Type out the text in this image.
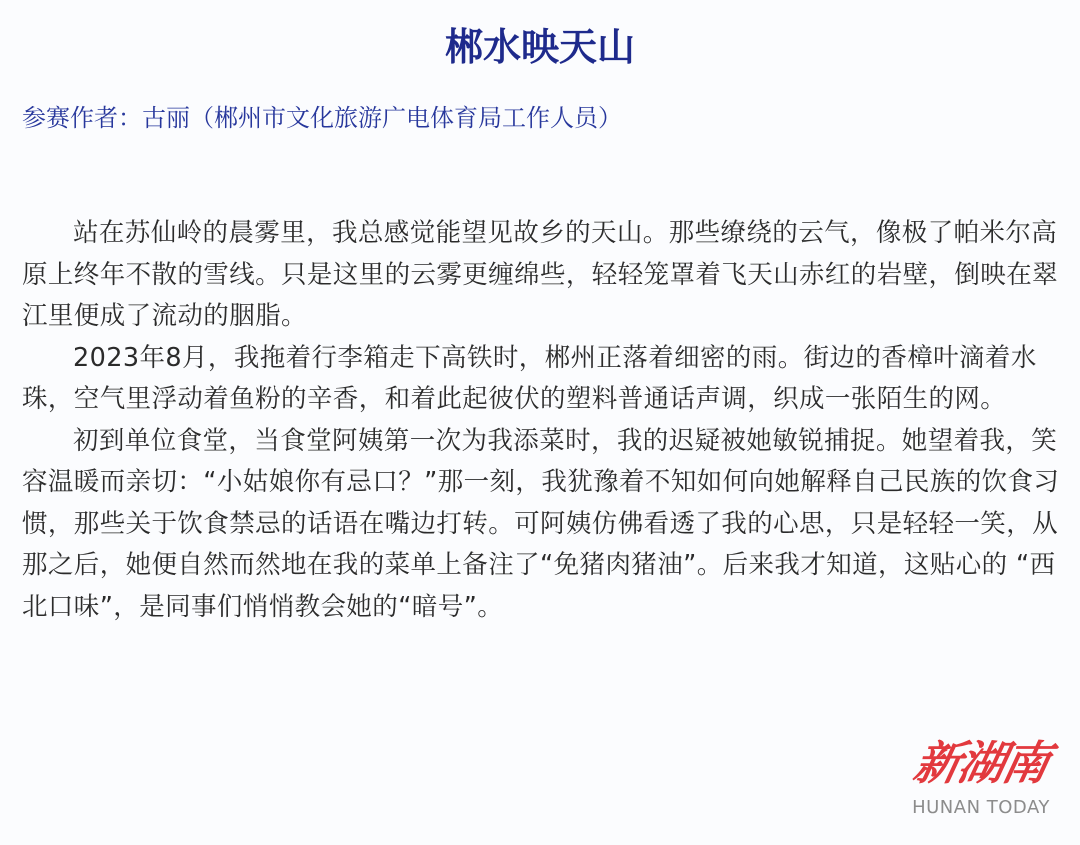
郴水映天山
参赛作者：古丽（郴州市文化旅游广电体育局工作人员）

站在苏仙岭的晨雾里，我总感觉能望见故乡的天山。那些缭绕的云气，像极了帕米尔高原上终年不散的雪线。只是这里的云雾更缠绵些，轻轻笼罩着飞天山赤红的岩壁，倒映在翠江里便成了流动的胭脂。

2023年8月，我拖着行李箱走下高铁时，郴州正落着细密的雨。街边的香樟叶滴着水珠，空气里浮动着鱼粉的辛香，和着此起彼伏的塑料普通话声调，织成一张陌生的网。

初到单位食堂，当食堂阿姨第一次为我添菜时，我的迟疑被她敏锐捕捉。她望着我，笑容温暖而亲切：“小姑娘你有忌口？”那一刻，我犹豫着不知如何向她解释自己民族的饮食习惯，那些关于饮食禁忌的话语在嘴边打转。可阿姨仿佛看透了我的心思，只是轻轻一笑，从那之后，她便自然而然地在我的菜单上备注了“免猪肉猪油”。后来我才知道，这贴心的 “西北口味”，是同事们悄悄教会她的“暗号”。

新湖南
HUNAN TODAY
